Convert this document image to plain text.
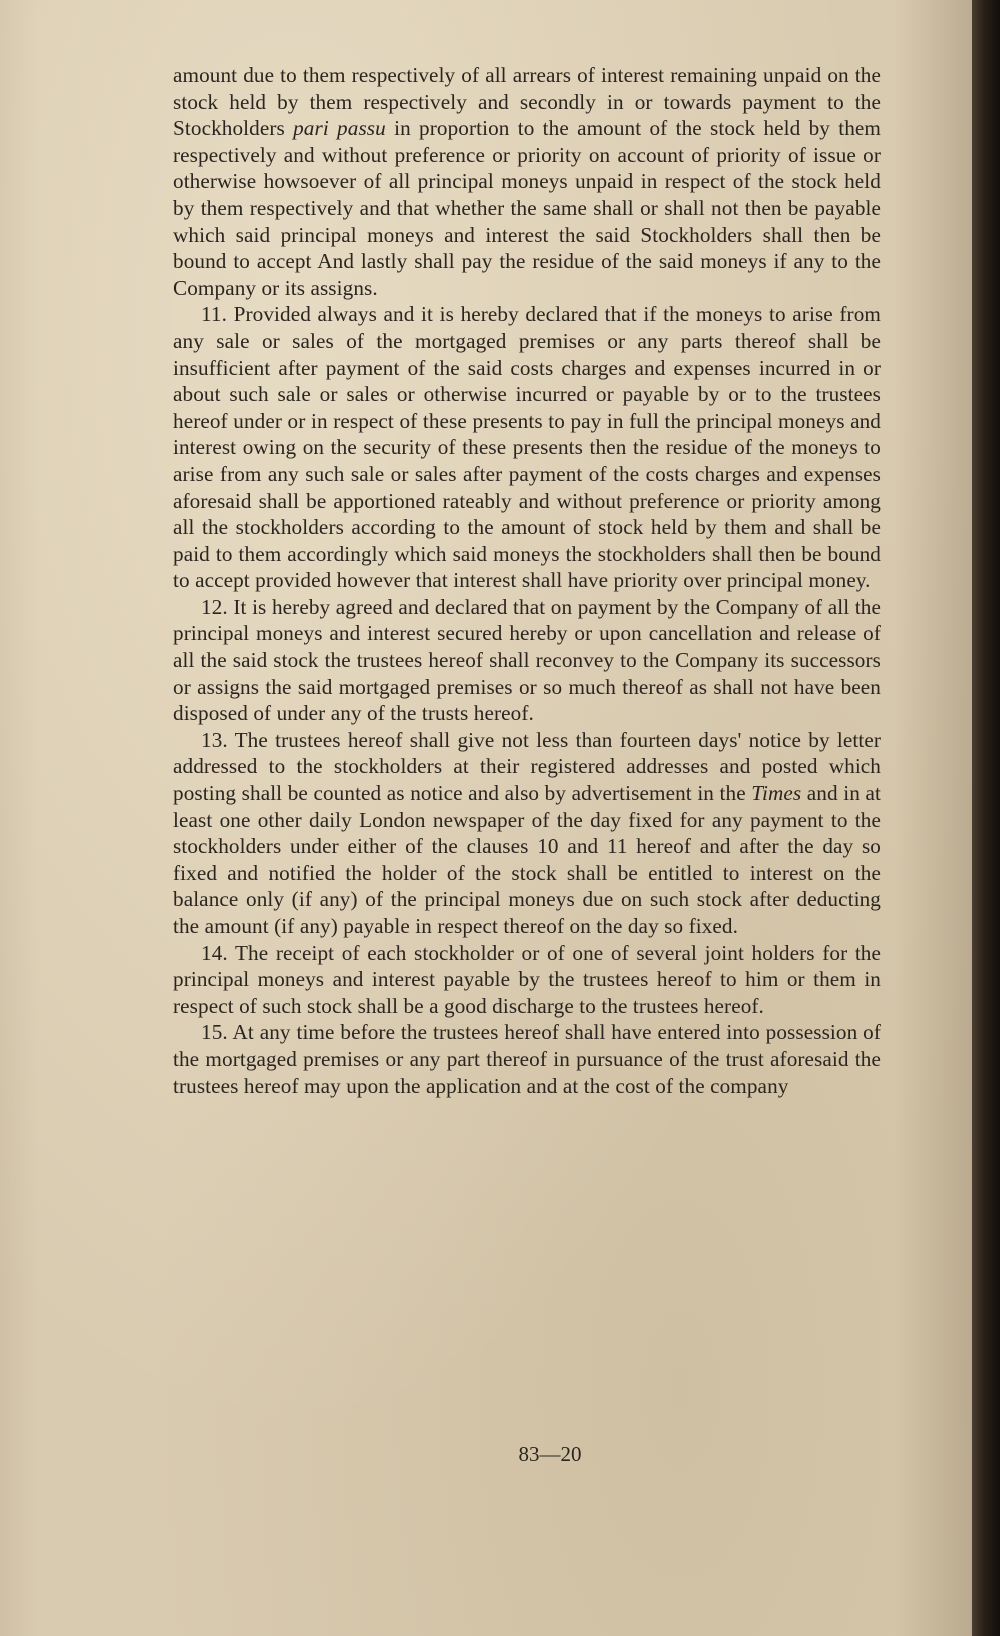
amount due to them respectively of all arrears of interest remaining unpaid on the stock held by them respectively and secondly in or towards payment to the Stockholders pari passu in proportion to the amount of the stock held by them respectively and without preference or priority on account of priority of issue or otherwise howsoever of all principal moneys unpaid in respect of the stock held by them respectively and that whether the same shall or shall not then be payable which said principal moneys and interest the said Stockholders shall then be bound to accept And lastly shall pay the residue of the said moneys if any to the Company or its assigns.

11. Provided always and it is hereby declared that if the moneys to arise from any sale or sales of the mortgaged premises or any parts thereof shall be insufficient after payment of the said costs charges and expenses incurred in or about such sale or sales or otherwise incurred or payable by or to the trustees hereof under or in respect of these presents to pay in full the principal moneys and interest owing on the security of these presents then the residue of the moneys to arise from any such sale or sales after payment of the costs charges and expenses aforesaid shall be apportioned rateably and without preference or priority among all the stockholders according to the amount of stock held by them and shall be paid to them accordingly which said moneys the stockholders shall then be bound to accept provided however that interest shall have priority over principal money.

12. It is hereby agreed and declared that on payment by the Company of all the principal moneys and interest secured hereby or upon cancellation and release of all the said stock the trustees hereof shall reconvey to the Company its successors or assigns the said mortgaged premises or so much thereof as shall not have been disposed of under any of the trusts hereof.

13. The trustees hereof shall give not less than fourteen days' notice by letter addressed to the stockholders at their registered addresses and posted which posting shall be counted as notice and also by advertisement in the Times and in at least one other daily London newspaper of the day fixed for any payment to the stockholders under either of the clauses 10 and 11 hereof and after the day so fixed and notified the holder of the stock shall be entitled to interest on the balance only (if any) of the principal moneys due on such stock after deducting the amount (if any) payable in respect thereof on the day so fixed.

14. The receipt of each stockholder or of one of several joint holders for the principal moneys and interest payable by the trustees hereof to him or them in respect of such stock shall be a good discharge to the trustees hereof.

15. At any time before the trustees hereof shall have entered into possession of the mortgaged premises or any part thereof in pursuance of the trust aforesaid the trustees hereof may upon the application and at the cost of the company

83—20
